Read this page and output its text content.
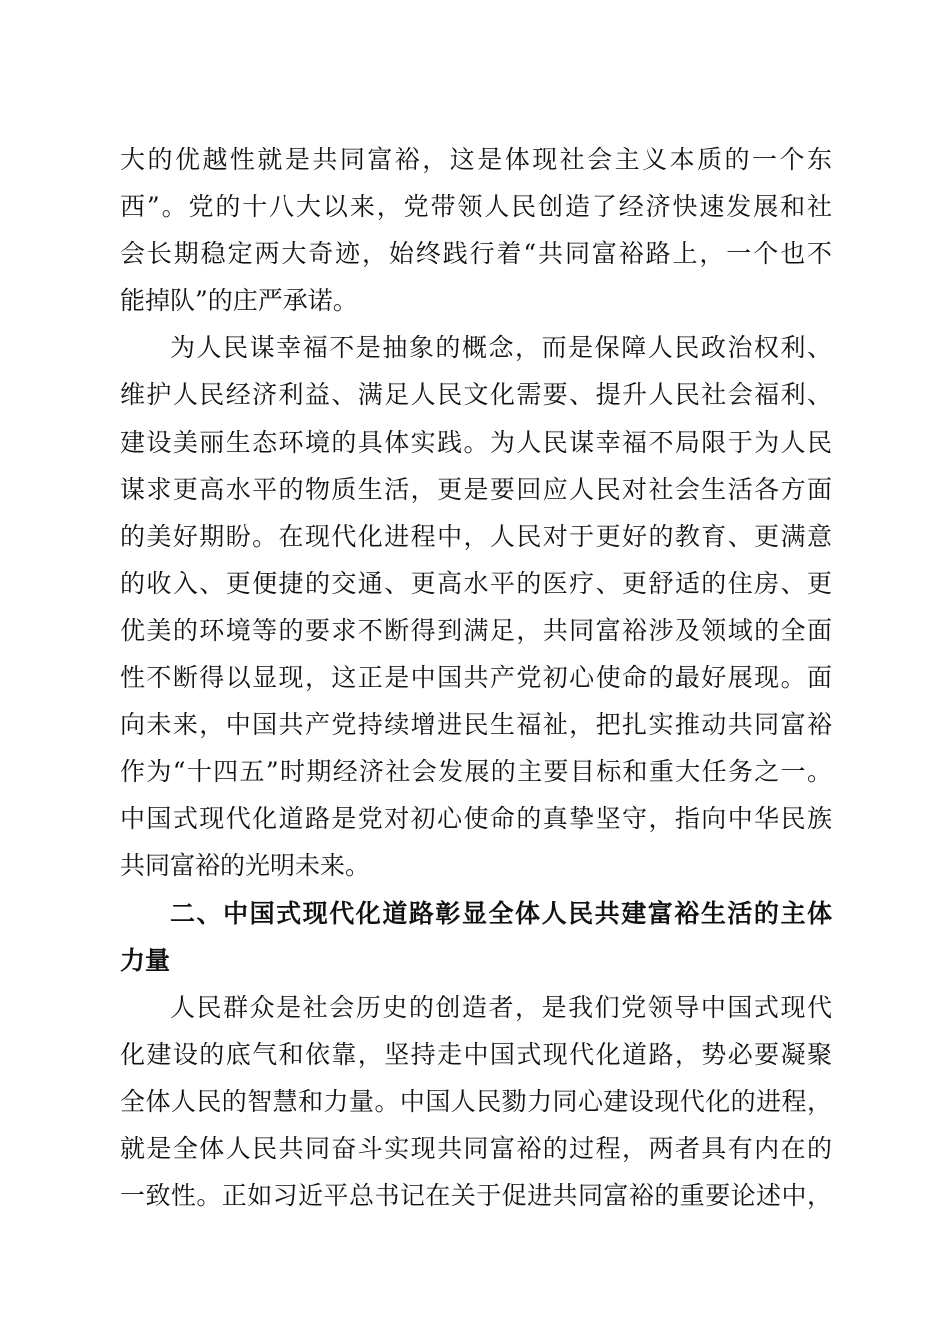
大的优越性就是共同富裕，这是体现社会主义本质的一个东
西”。党的十八大以来，党带领人民创造了经济快速发展和社
会长期稳定两大奇迹，始终践行着“共同富裕路上，一个也不
能掉队”的庄严承诺。
为人民谋幸福不是抽象的概念，而是保障人民政治权利、
维护人民经济利益、满足人民文化需要、提升人民社会福利、
建设美丽生态环境的具体实践。为人民谋幸福不局限于为人民
谋求更高水平的物质生活，更是要回应人民对社会生活各方面
的美好期盼。在现代化进程中，人民对于更好的教育、更满意
的收入、更便捷的交通、更高水平的医疗、更舒适的住房、更
优美的环境等的要求不断得到满足，共同富裕涉及领域的全面
性不断得以显现，这正是中国共产党初心使命的最好展现。面
向未来，中国共产党持续增进民生福祉，把扎实推动共同富裕
作为“十四五”时期经济社会发展的主要目标和重大任务之一。
中国式现代化道路是党对初心使命的真挚坚守，指向中华民族
共同富裕的光明未来。
二、中国式现代化道路彰显全体人民共建富裕生活的主体
力量
人民群众是社会历史的创造者，是我们党领导中国式现代
化建设的底气和依靠，坚持走中国式现代化道路，势必要凝聚
全体人民的智慧和力量。中国人民勠力同心建设现代化的进程，
就是全体人民共同奋斗实现共同富裕的过程，两者具有内在的
一致性。正如习近平总书记在关于促进共同富裕的重要论述中，
